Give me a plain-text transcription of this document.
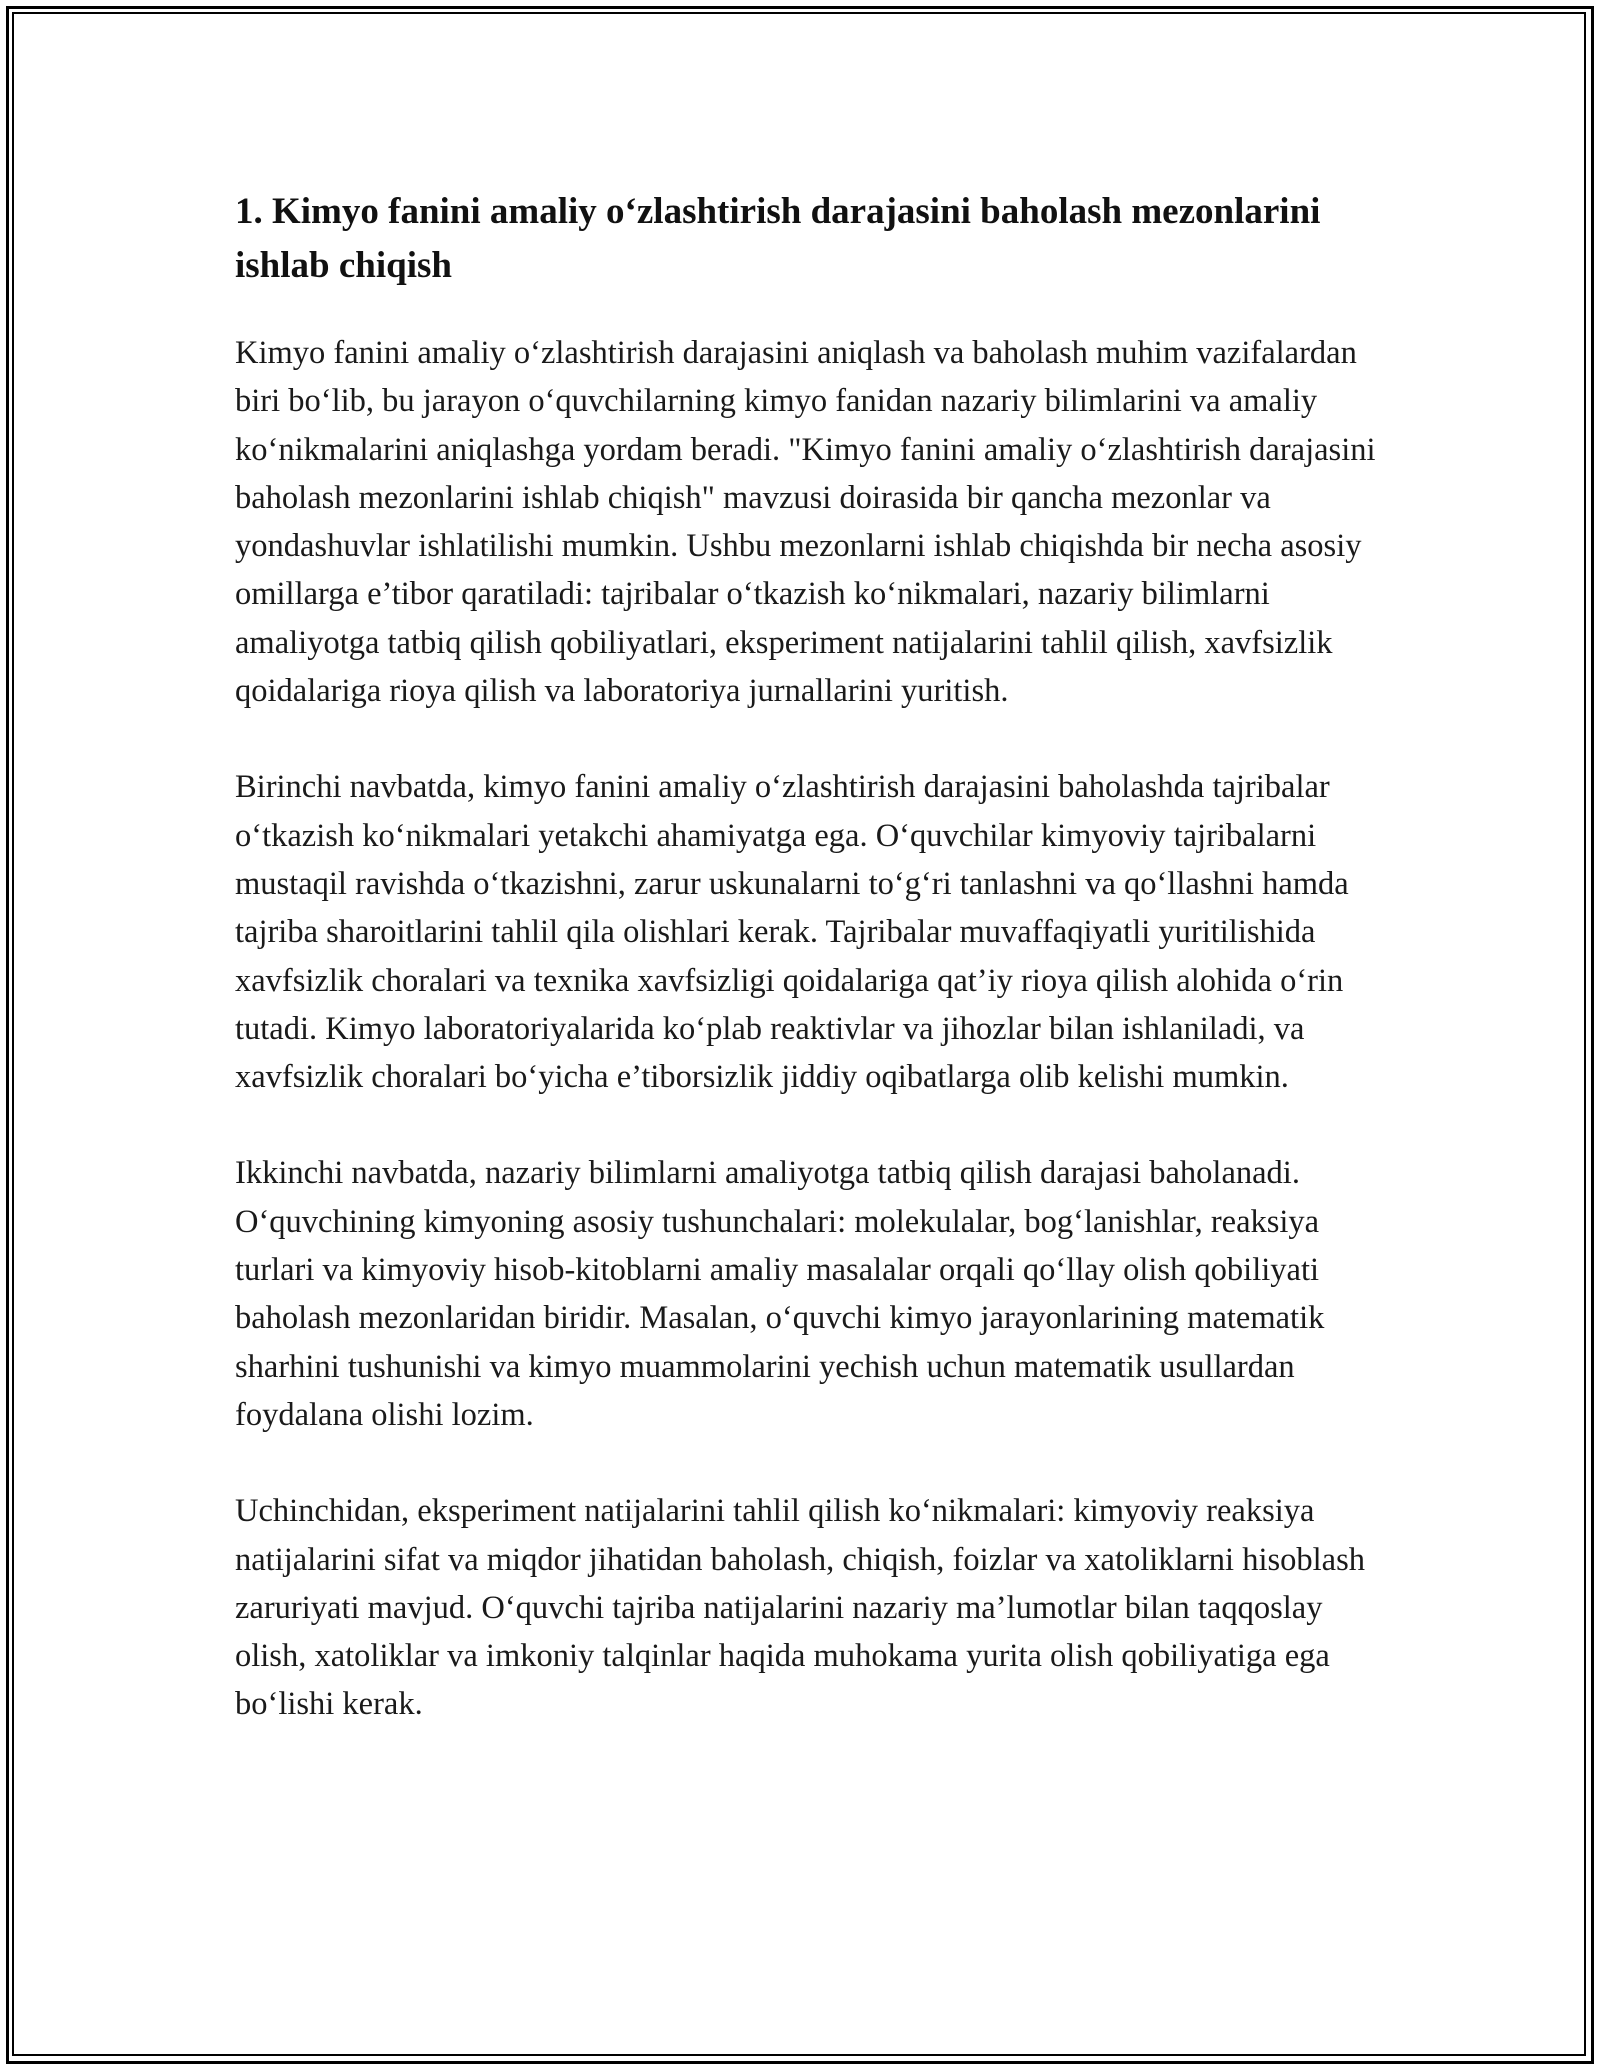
1. Kimyo fanini amaliy o‘zlashtirish darajasini baholash mezonlarini ishlab chiqish

Kimyo fanini amaliy o‘zlashtirish darajasini aniqlash va baholash muhim vazifalardan biri bo‘lib, bu jarayon o‘quvchilarning kimyo fanidan nazariy bilimlarini va amaliy ko‘nikmalarini aniqlashga yordam beradi. "Kimyo fanini amaliy o‘zlashtirish darajasini baholash mezonlarini ishlab chiqish" mavzusi doirasida bir qancha mezonlar va yondashuvlar ishlatilishi mumkin. Ushbu mezonlarni ishlab chiqishda bir necha asosiy omillarga e’tibor qaratiladi: tajribalar o‘tkazish ko‘nikmalari, nazariy bilimlarni amaliyotga tatbiq qilish qobiliyatlari, eksperiment natijalarini tahlil qilish, xavfsizlik qoidalariga rioya qilish va laboratoriya jurnallarini yuritish.

Birinchi navbatda, kimyo fanini amaliy o‘zlashtirish darajasini baholashda tajribalar o‘tkazish ko‘nikmalari yetakchi ahamiyatga ega. O‘quvchilar kimyoviy tajribalarni mustaqil ravishda o‘tkazishni, zarur uskunalarni to‘g‘ri tanlashni va qo‘llashni hamda tajriba sharoitlarini tahlil qila olishlari kerak. Tajribalar muvaffaqiyatli yuritilishida xavfsizlik choralari va texnika xavfsizligi qoidalariga qat’iy rioya qilish alohida o‘rin tutadi. Kimyo laboratoriyalarida ko‘plab reaktivlar va jihozlar bilan ishlaniladi, va xavfsizlik choralari bo‘yicha e’tiborsizlik jiddiy oqibatlarga olib kelishi mumkin.

Ikkinchi navbatda, nazariy bilimlarni amaliyotga tatbiq qilish darajasi baholanadi. O‘quvchining kimyoning asosiy tushunchalari: molekulalar, bog‘lanishlar, reaksiya turlari va kimyoviy hisob-kitoblarni amaliy masalalar orqali qo‘llay olish qobiliyati baholash mezonlaridan biridir. Masalan, o‘quvchi kimyo jarayonlarining matematik sharhini tushunishi va kimyo muammolarini yechish uchun matematik usullardan foydalana olishi lozim.

Uchinchidan, eksperiment natijalarini tahlil qilish ko‘nikmalari: kimyoviy reaksiya natijalarini sifat va miqdor jihatidan baholash, chiqish, foizlar va xatoliklarni hisoblash zaruriyati mavjud. O‘quvchi tajriba natijalarini nazariy ma’lumotlar bilan taqqoslay olish, xatoliklar va imkoniy talqinlar haqida muhokama yurita olish qobiliyatiga ega bo‘lishi kerak.
